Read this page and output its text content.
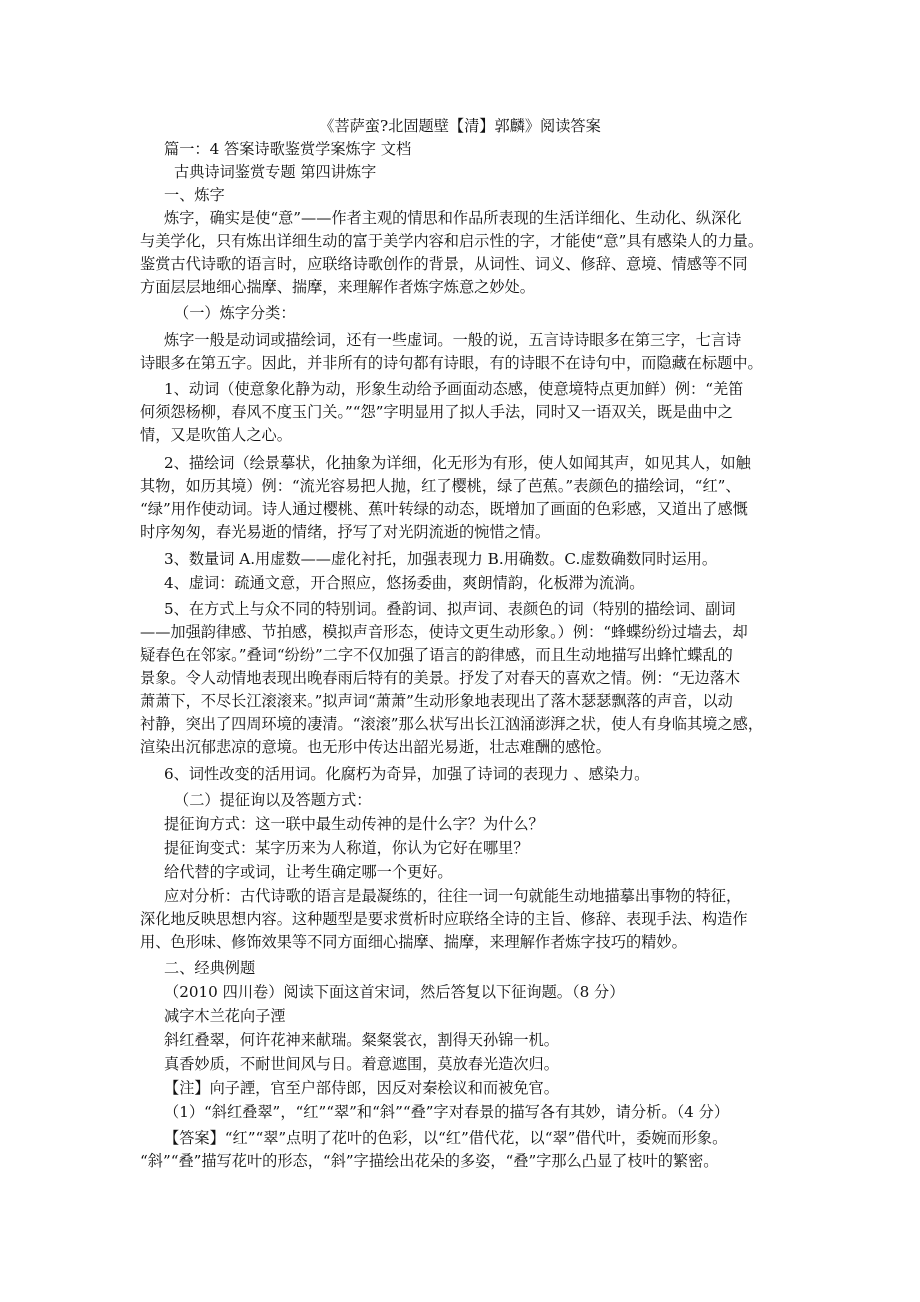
《菩萨蛮?北固题壁【清】郭麟》阅读答案
篇一：4 答案诗歌鉴赏学案炼字 文档
古典诗词鉴赏专题 第四讲炼字
一、炼字
炼字，确实是使“意”——作者主观的情思和作品所表现的生活详细化、生动化、纵深化
与美学化，只有炼出详细生动的富于美学内容和启示性的字，才能使“意”具有感染人的力量。
鉴赏古代诗歌的语言时，应联络诗歌创作的背景，从词性、词义、修辞、意境、情感等不同
方面层层地细心揣摩、揣摩，来理解作者炼字炼意之妙处。
（一）炼字分类：
炼字一般是动词或描绘词，还有一些虚词。一般的说，五言诗诗眼多在第三字，七言诗
诗眼多在第五字。因此，并非所有的诗句都有诗眼，有的诗眼不在诗句中，而隐藏在标题中。
1、动词（使意象化静为动，形象生动给予画面动态感，使意境特点更加鲜）例：“羌笛
何须怨杨柳，春风不度玉门关。”“怨”字明显用了拟人手法，同时又一语双关，既是曲中之
情，又是吹笛人之心。
2、描绘词（绘景摹状，化抽象为详细，化无形为有形，使人如闻其声，如见其人，如触
其物，如历其境）例：“流光容易把人抛，红了樱桃，绿了芭蕉。”表颜色的描绘词，“红”、
“绿”用作使动词。诗人通过樱桃、蕉叶转绿的动态，既增加了画面的色彩感，又道出了感慨
时序匆匆，春光易逝的情绪，抒写了对光阴流逝的惋惜之情。
3、数量词 A.用虚数——虚化衬托，加强表现力 B.用确数。C.虚数确数同时运用。
4、虚词：疏通文意，开合照应，悠扬委曲，爽朗情韵，化板滞为流淌。
5、在方式上与众不同的特别词。叠韵词、拟声词、表颜色的词（特别的描绘词、副词
——加强韵律感、节拍感，模拟声音形态，使诗文更生动形象。）例：“蜂蝶纷纷过墙去，却
疑春色在邻家。”叠词“纷纷”二字不仅加强了语言的韵律感，而且生动地描写出蜂忙蝶乱的
景象。令人动情地表现出晚春雨后特有的美景。抒发了对春天的喜欢之情。例：“无边落木
萧萧下，不尽长江滚滚来。”拟声词“萧萧”生动形象地表现出了落木瑟瑟飘落的声音，以动
衬静，突出了四周环境的凄清。“滚滚”那么状写出长江汹涌澎湃之状，使人有身临其境之感，
渲染出沉郁悲凉的意境。也无形中传达出韶光易逝，壮志难酬的感怆。
6、词性改变的活用词。化腐朽为奇异，加强了诗词的表现力 、感染力。
（二）提征询以及答题方式：
提征询方式：这一联中最生动传神的是什么字？为什么？
提征询变式：某字历来为人称道，你认为它好在哪里？
给代替的字或词，让考生确定哪一个更好。
应对分析：古代诗歌的语言是最凝练的，往往一词一句就能生动地描摹出事物的特征，
深化地反映思想内容。这种题型是要求赏析时应联络全诗的主旨、修辞、表现手法、构造作
用、色形味、修饰效果等不同方面细心揣摩、揣摩，来理解作者炼字技巧的精妙。
二、经典例题
（2010 四川卷）阅读下面这首宋词，然后答复以下征询题。（8 分）
减字木兰花向子湮
斜红叠翠，何许花神来献瑞。粲粲裳衣，割得天孙锦一机。
真香妙质，不耐世间风与日。着意遮围，莫放春光造次归。
【注】向子諲，官至户部侍郎，因反对秦桧议和而被免官。
（1）“斜红叠翠”，“红”“翠”和“斜”“叠”字对春景的描写各有其妙，请分析。（4 分）
【答案】“红”“翠”点明了花叶的色彩，以“红”借代花，以“翠”借代叶，委婉而形象。
“斜”“叠”描写花叶的形态，“斜”字描绘出花朵的多姿，“叠”字那么凸显了枝叶的繁密。
